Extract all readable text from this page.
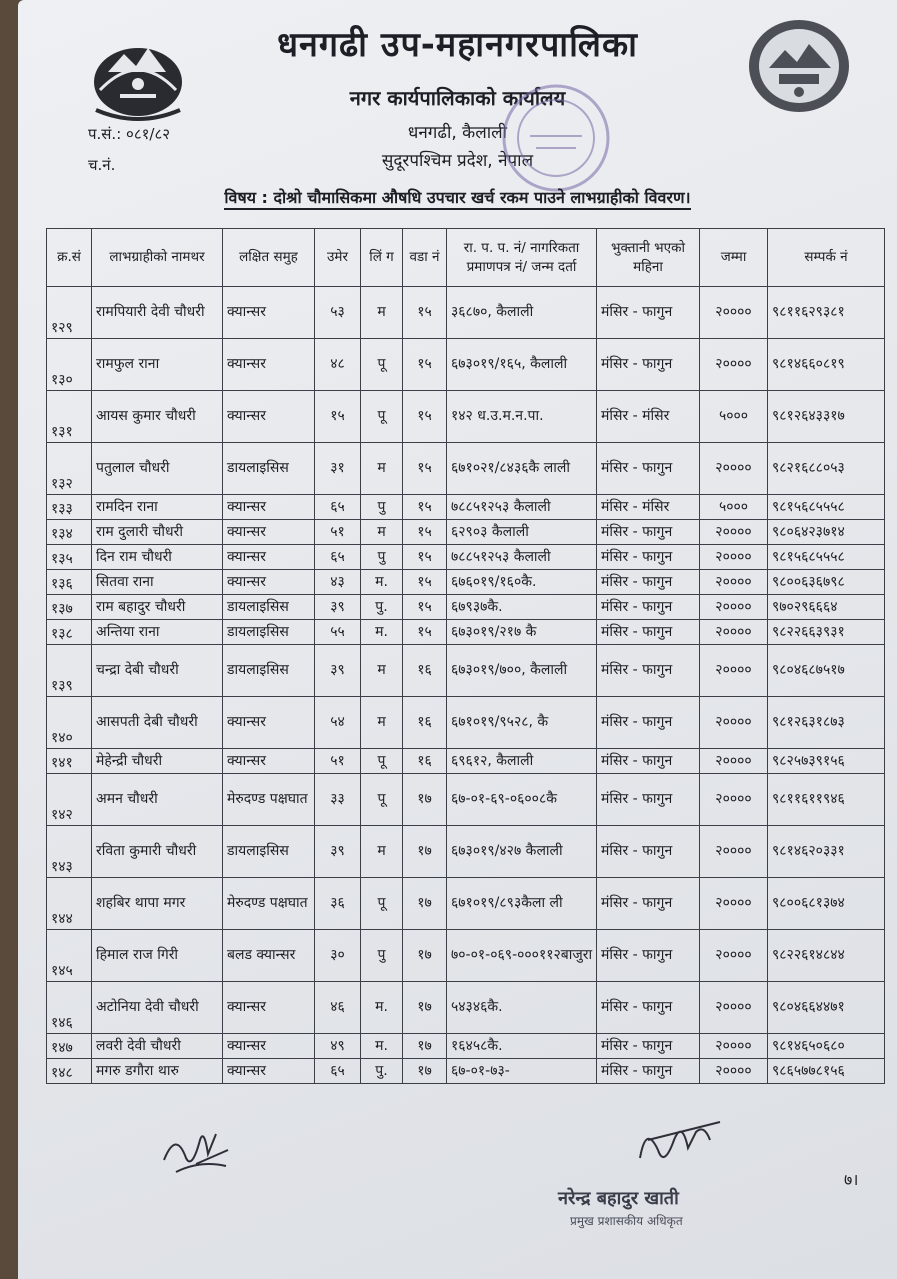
धनगढी उप-महानगरपालिका
नगर कार्यपालिकाको कार्यालय
धनगढी, कैलाली
सुदूरपश्चिम प्रदेश, नेपाल
प.सं.: ०८१/८२
च.नं.
विषय : दोश्रो चौमासिकमा औषधि उपचार खर्च रकम पाउने लाभग्राहीको विवरण।
क्र.सं	लाभग्राहीको नामथर	लक्षित समुह	उमेर	लिं ग	वडा नं	रा. प. प. नं/ नागरिकता प्रमाणपत्र नं/ जन्म दर्ता	भुक्तानी भएको महिना	जम्मा	सम्पर्क नं
१२९	रामपियारी देवी चौधरी	क्यान्सर	५३	म	१५	३६८७०, कैलाली	मंसिर - फागुन	२००००	९८११६२९३८१
१३०	रामफुल राना	क्यान्सर	४८	पू	१५	६७३०१९/१६५, कैलाली	मंसिर - फागुन	२००००	९८१४६६०८१९
१३१	आयस कुमार चौधरी	क्यान्सर	१५	पू	१५	१४२ ध.उ.म.न.पा.	मंसिर - मंसिर	५०००	९८१२६४३३१७
१३२	पतुलाल चौधरी	डायलाइसिस	३१	म	१५	६७१०२१/८४३६कै लाली	मंसिर - फागुन	२००००	९८२१६८८०५३
१३३	रामदिन राना	क्यान्सर	६५	पु	१५	७८८५१२५३ कैलाली	मंसिर - मंसिर	५०००	९८१५६८५५५८
१३४	राम दुलारी चौधरी	क्यान्सर	५१	म	१५	६२९०३ कैलाली	मंसिर - फागुन	२००००	९८०६४२३७१४
१३५	दिन राम चौधरी	क्यान्सर	६५	पु	१५	७८८५१२५३ कैलाली	मंसिर - फागुन	२००००	९८१५६८५५५८
१३६	सितवा राना	क्यान्सर	४३	म.	१५	६७६०१९/१६०कै.	मंसिर - फागुन	२००००	९८००६३६७९८
१३७	राम बहादुर चौधरी	डायलाइसिस	३९	पु.	१५	६७९३७कै.	मंसिर - फागुन	२००००	९७०२९६६६४
१३८	अन्तिया राना	डायलाइसिस	५५	म.	१५	६७३०१९/२१७ कै	मंसिर - फागुन	२००००	९८२२६६३९३१
१३९	चन्द्रा देबी चौधरी	डायलाइसिस	३९	म	१६	६७३०१९/७००, कैलाली	मंसिर - फागुन	२००००	९८०४६८७५१७
१४०	आसपती देबी चौधरी	क्यान्सर	५४	म	१६	६७१०१९/९५२८, कै	मंसिर - फागुन	२००००	९८१२६३१८७३
१४१	मेहेन्द्री चौधरी	क्यान्सर	५१	पू	१६	६९६१२, कैलाली	मंसिर - फागुन	२००००	९८२५७३९१५६
१४२	अमन चौधरी	मेरुदण्ड पक्षघात	३३	पू	१७	६७-०१-६९-०६००८कै	मंसिर - फागुन	२००००	९८११६११९४६
१४३	रविता कुमारी चौधरी	डायलाइसिस	३९	म	१७	६७३०१९/४२७ कैलाली	मंसिर - फागुन	२००००	९८१४६२०३३१
१४४	शहबिर थापा मगर	मेरुदण्ड पक्षघात	३६	पू	१७	६७१०१९/८९३कैला ली	मंसिर - फागुन	२००००	९८००६८१३७४
१४५	हिमाल राज गिरी	बलड क्यान्सर	३०	पु	१७	७०-०१-०६९-०००११२बाजुरा	मंसिर - फागुन	२००००	९८२२६१४८४४
१४६	अटोनिया देवी चौधरी	क्यान्सर	४६	म.	१७	५४३४६कै.	मंसिर - फागुन	२००००	९८०४६६४४७१
१४७	लवरी देवी चौधरी	क्यान्सर	४९	म.	१७	१६४५८कै.	मंसिर - फागुन	२००००	९८१४६५०६८०
१४८	मगरु डगौरा थारु	क्यान्सर	६५	पु.	१७	६७-०१-७३-	मंसिर - फागुन	२००००	९८६५७७८१५६
नरेन्द्र बहादुर खाती
प्रमुख प्रशासकीय अधिकृत
७।
